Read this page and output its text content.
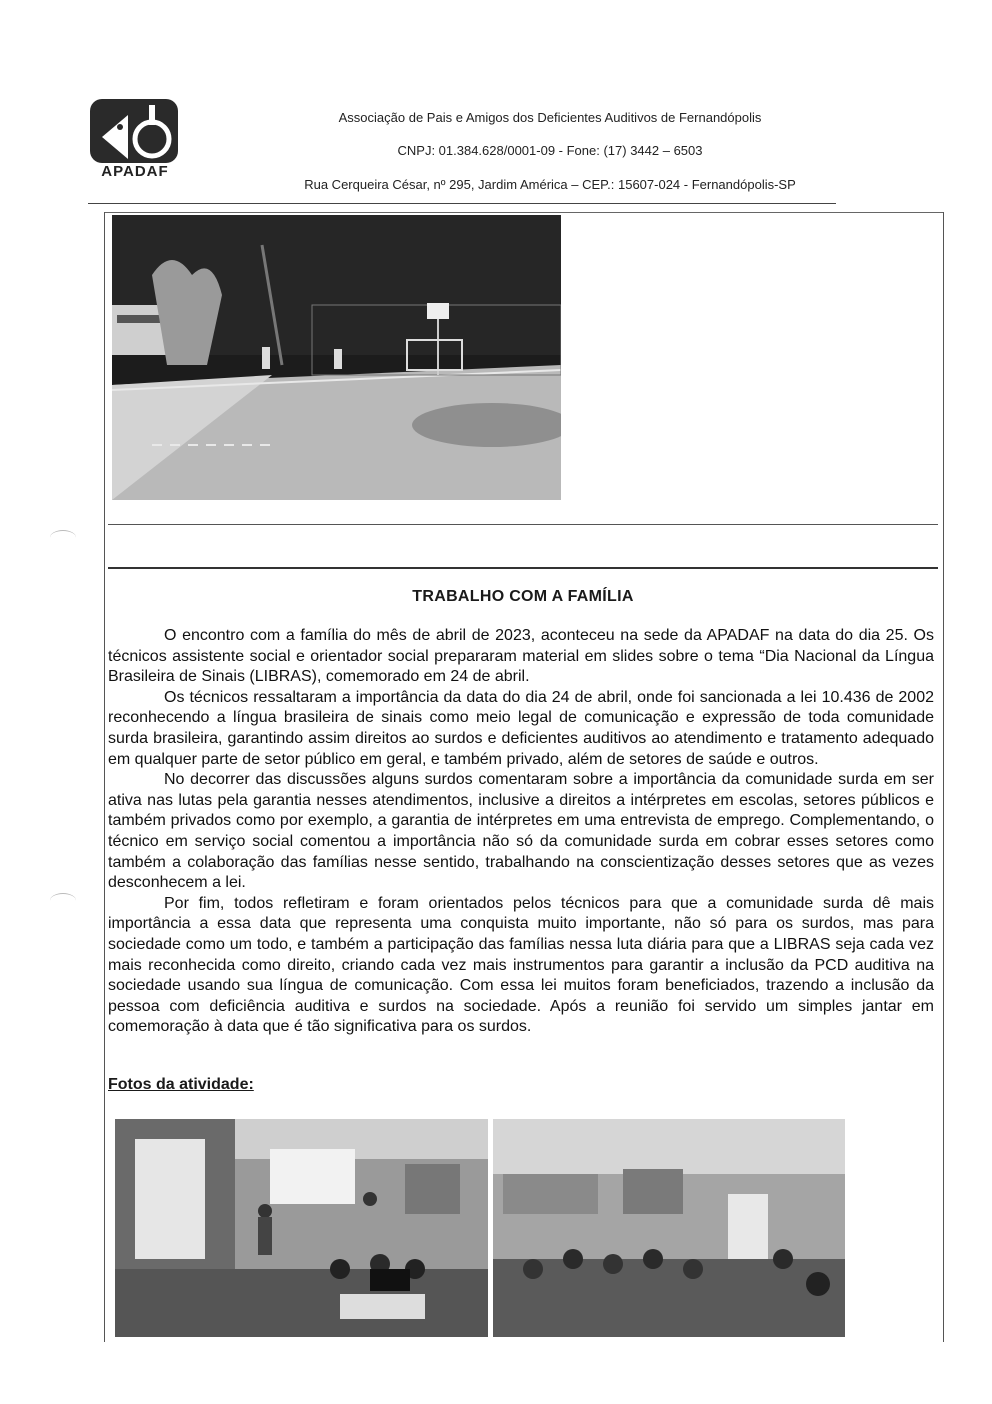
APADAF
Associação de Pais e Amigos dos Deficientes Auditivos de Fernandópolis
CNPJ: 01.384.628/0001-09 - Fone: (17) 3442 – 6503
Rua Cerqueira César, nº 295, Jardim América – CEP.: 15607-024 - Fernandópolis-SP
TRABALHO COM A FAMÍLIA

O encontro com a família do mês de abril de 2023, aconteceu na sede da APADAF na data do dia 25. Os técnicos assistente social e orientador social prepararam material em slides sobre o tema “Dia Nacional da Língua Brasileira de Sinais (LIBRAS), comemorado em 24 de abril.

Os técnicos ressaltaram a importância da data do dia 24 de abril, onde foi sancionada a lei 10.436 de 2002 reconhecendo a língua brasileira de sinais como meio legal de comunicação e expressão de toda comunidade surda brasileira, garantindo assim direitos ao surdos e deficientes auditivos ao atendimento e tratamento adequado em qualquer parte de setor público em geral, e também privado, além de setores de saúde e outros.

No decorrer das discussões alguns surdos comentaram sobre a importância da comunidade surda em ser ativa nas lutas pela garantia nesses atendimentos, inclusive a direitos a intérpretes em escolas, setores públicos e também privados como por exemplo, a garantia de intérpretes em uma entrevista de emprego. Complementando, o técnico em serviço social comentou a importância não só da comunidade surda em cobrar esses setores como também a colaboração das famílias nesse sentido, trabalhando na conscientização desses setores que as vezes desconhecem a lei.

Por fim, todos refletiram e foram orientados pelos técnicos para que a comunidade surda dê mais importância a essa data que representa uma conquista muito importante, não só para os surdos, mas para sociedade como um todo, e também a participação das famílias nessa luta diária para que a LIBRAS seja cada vez mais reconhecida como direito, criando cada vez mais instrumentos para garantir a inclusão da PCD auditiva na sociedade usando sua língua de comunicação. Com essa lei muitos foram beneficiados, trazendo a inclusão da pessoa com deficiência auditiva e surdos na sociedade. Após a reunião foi servido um simples jantar em comemoração à data que é tão significativa para os surdos.

Fotos da atividade:
